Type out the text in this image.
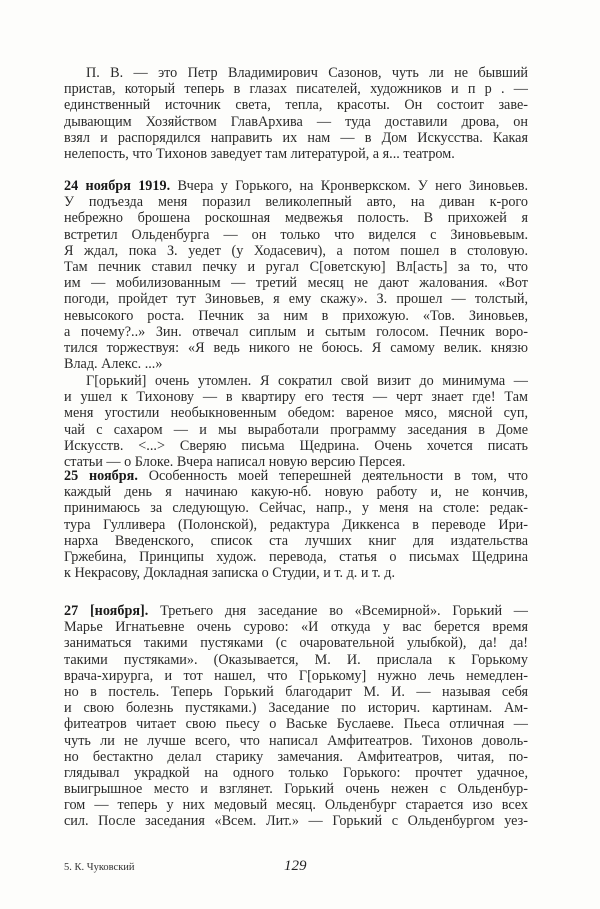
П. В. — это Петр Владимирович Сазонов, чуть ли не бывший
пристав, который теперь в глазах писателей, художников и п р . —
единственный источник света, тепла, красоты. Он состоит заве-
дывающим Хозяйством ГлавАрхива — туда доставили дрова, он
взял и распорядился направить их нам — в Дом Искусства. Какая
нелепость, что Тихонов заведует там литературой, а я... театром.
24 ноября 1919. Вчера у Горького, на Кронверкском. У него Зиновьев.
У подъезда меня поразил великолепный авто, на диван к-рого
небрежно брошена роскошная медвежья полость. В прихожей я
встретил Ольденбурга — он только что виделся с Зиновьевым.
Я ждал, пока З. уедет (у Ходасевич), а потом пошел в столовую.
Там печник ставил печку и ругал С[оветскую] Вл[асть] за то, что
им — мобилизованным — третий месяц не дают жалования. «Вот
погоди, пройдет тут Зиновьев, я ему скажу». З. прошел — толстый,
невысокого роста. Печник за ним в прихожую. «Тов. Зиновьев,
а почему?..» Зин. отвечал сиплым и сытым голосом. Печник воро-
тился торжествуя: «Я ведь никого не боюсь. Я самому велик. князю
Влад. Алекс. ...»
Г[орький] очень утомлен. Я сократил свой визит до минимума —
и ушел к Тихонову — в квартиру его тестя — черт знает где! Там
меня угостили необыкновенным обедом: вареное мясо, мясной суп,
чай с сахаром — и мы выработали программу заседания в Доме
Искусств. <...> Сверяю письма Щедрина. Очень хочется писать
статьи — о Блоке. Вчера написал новую версию Персея.
25 ноября. Особенность моей теперешней деятельности в том, что
каждый день я начинаю какую-нб. новую работу и, не кончив,
принимаюсь за следующую. Сейчас, напр., у меня на столе: редак-
тура Гулливера (Полонской), редактура Диккенса в переводе Ири-
нарха Введенского, список ста лучших книг для издательства
Гржебина, Принципы худож. перевода, статья о письмах Щедрина
к Некрасову, Докладная записка о Студии, и т. д. и т. д.
27 [ноября]. Третьего дня заседание во «Всемирной». Горький —
Марье Игнатьевне очень сурово: «И откуда у вас берется время
заниматься такими пустяками (с очаровательной улыбкой), да! да!
такими пустяками». (Оказывается, М. И. прислала к Горькому
врача-хирурга, и тот нашел, что Г[орькому] нужно лечь немедлен-
но в постель. Теперь Горький благодарит М. И. — называя себя
и свою болезнь пустяками.) Заседание по историч. картинам. Ам-
фитеатров читает свою пьесу о Ваське Буслаеве. Пьеса отличная —
чуть ли не лучше всего, что написал Амфитеатров. Тихонов доволь-
но бестактно делал старику замечания. Амфитеатров, читая, по-
глядывал украдкой на одного только Горького: прочтет удачное,
выигрышное место и взглянет. Горький очень нежен с Ольденбур-
гом — теперь у них медовый месяц. Ольденбург старается изо всех
сил. После заседания «Всем. Лит.» — Горький с Ольденбургом уез-
5. К. Чуковский	129
